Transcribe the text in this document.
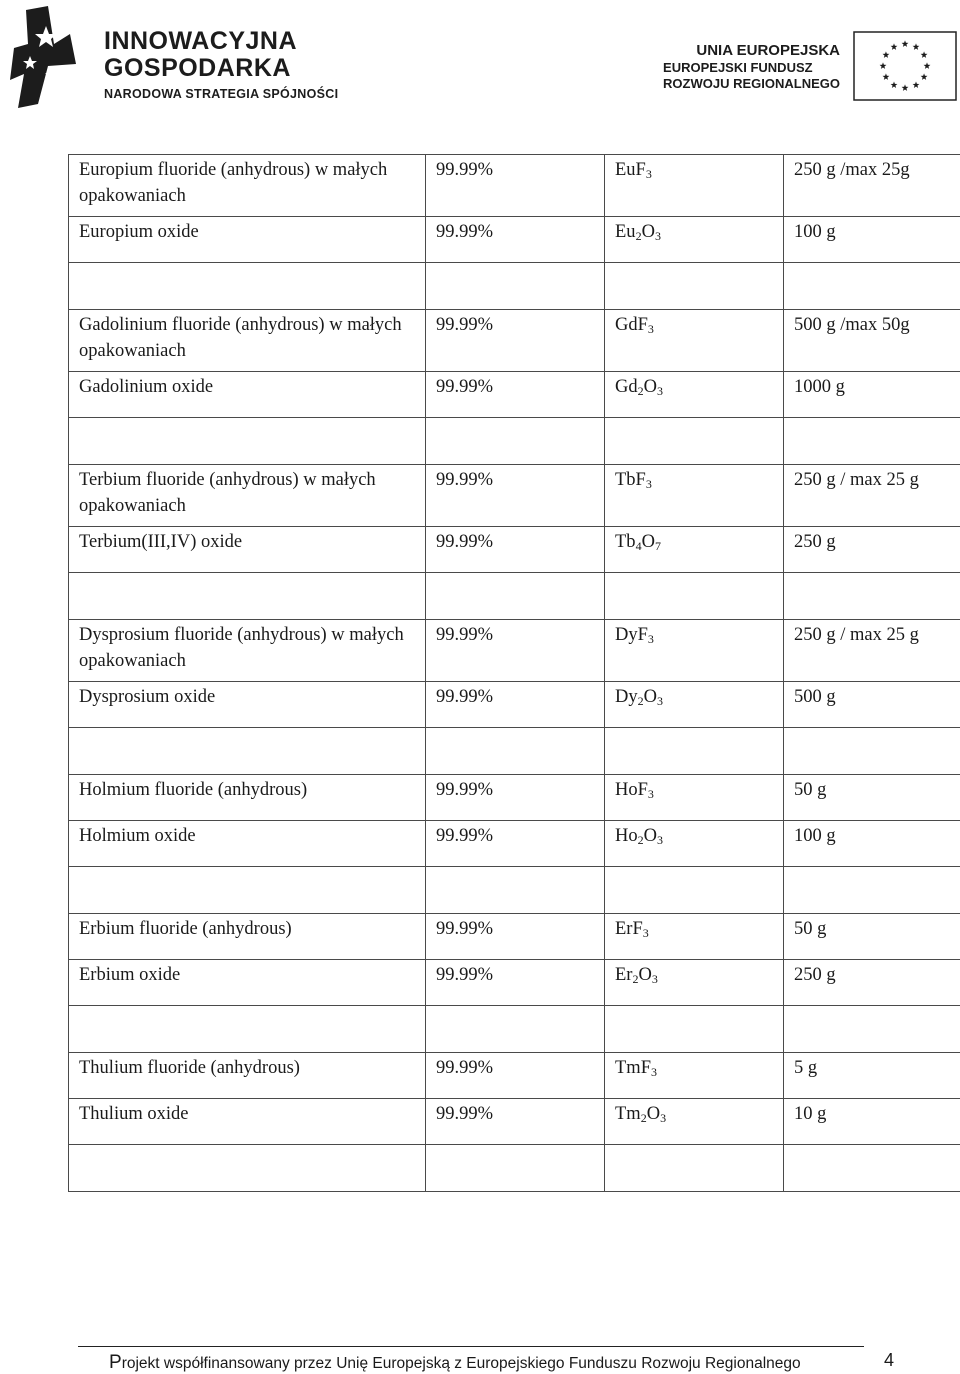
INNOWACYJNA
GOSPODARKA
NARODOWA STRATEGIA SPÓJNOŚCI
UNIA EUROPEJSKA
EUROPEJSKI FUNDUSZ
ROZWOJU REGIONALNEGO
Europium fluoride (anhydrous) w małych opakowaniach	99.99%	EuF$_3$	250 g /max 25g
Europium oxide	99.99%	$Eu_2O_3$	100 g

Gadolinium fluoride (anhydrous) w małych opakowaniach	99.99%	GdF$_3$	500 g /max 50g
Gadolinium oxide	99.99%	$Gd_2O_3$	1000 g

Terbium fluoride (anhydrous) w małych opakowaniach	99.99%	TbF$_3$	250 g / max 25 g
Terbium(III,IV) oxide	99.99%	$Tb_4O_7$	250 g

Dysprosium fluoride (anhydrous) w małych opakowaniach	99.99%	DyF$_3$	250 g / max 25 g
Dysprosium oxide	99.99%	$Dy_2O_3$	500 g

Holmium fluoride (anhydrous)	99.99%	HoF$_3$	50 g
Holmium oxide	99.99%	$Ho_2O_3$	100 g

Erbium fluoride (anhydrous)	99.99%	ErF$_3$	50 g
Erbium oxide	99.99%	$Er_2O_3$	250 g

Thulium fluoride (anhydrous)	99.99%	TmF$_3$	5 g
Thulium oxide	99.99%	$Tm_2O_3$	10 g

Projekt współfinansowany przez Unię Europejską z Europejskiego Funduszu Rozwoju Regionalnego	4
